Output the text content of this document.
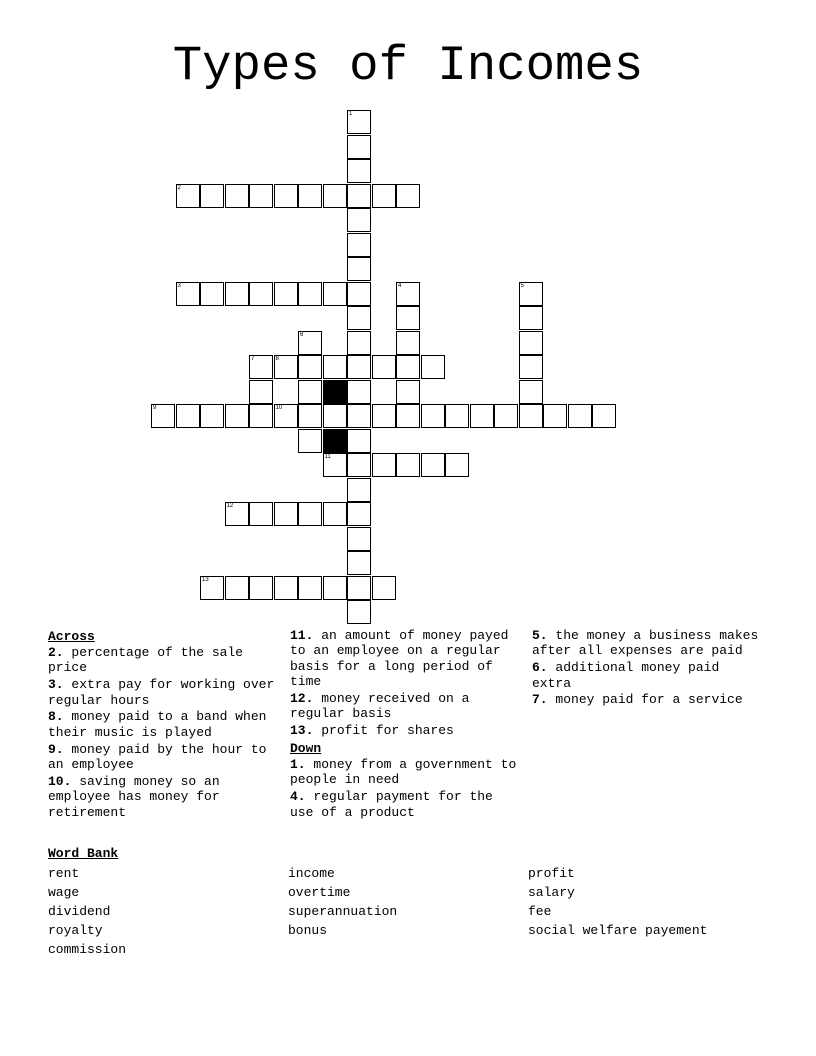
Types of Incomes
2
3
8
9	10
11
12
13
1
4	5
6
7
Across
2. percentage of the sale price
3. extra pay for working over regular hours
8. money paid to a band when their music is played
9. money paid by the hour to an employee
10. saving money so an employee has money for retirement
11. an amount of money payed to an employee on a regular basis for a long period of time
12. money received on a regular basis
13. profit for shares
Down
1. money from a government to people in need
4. regular payment for the use of a product
5. the money a business makes after all expenses are paid
6. additional money paid extra
7. money paid for a service
Word Bank
rent
wage
dividend
royalty
commission
income
overtime
superannuation
bonus
profit
salary
fee
social welfare payement
